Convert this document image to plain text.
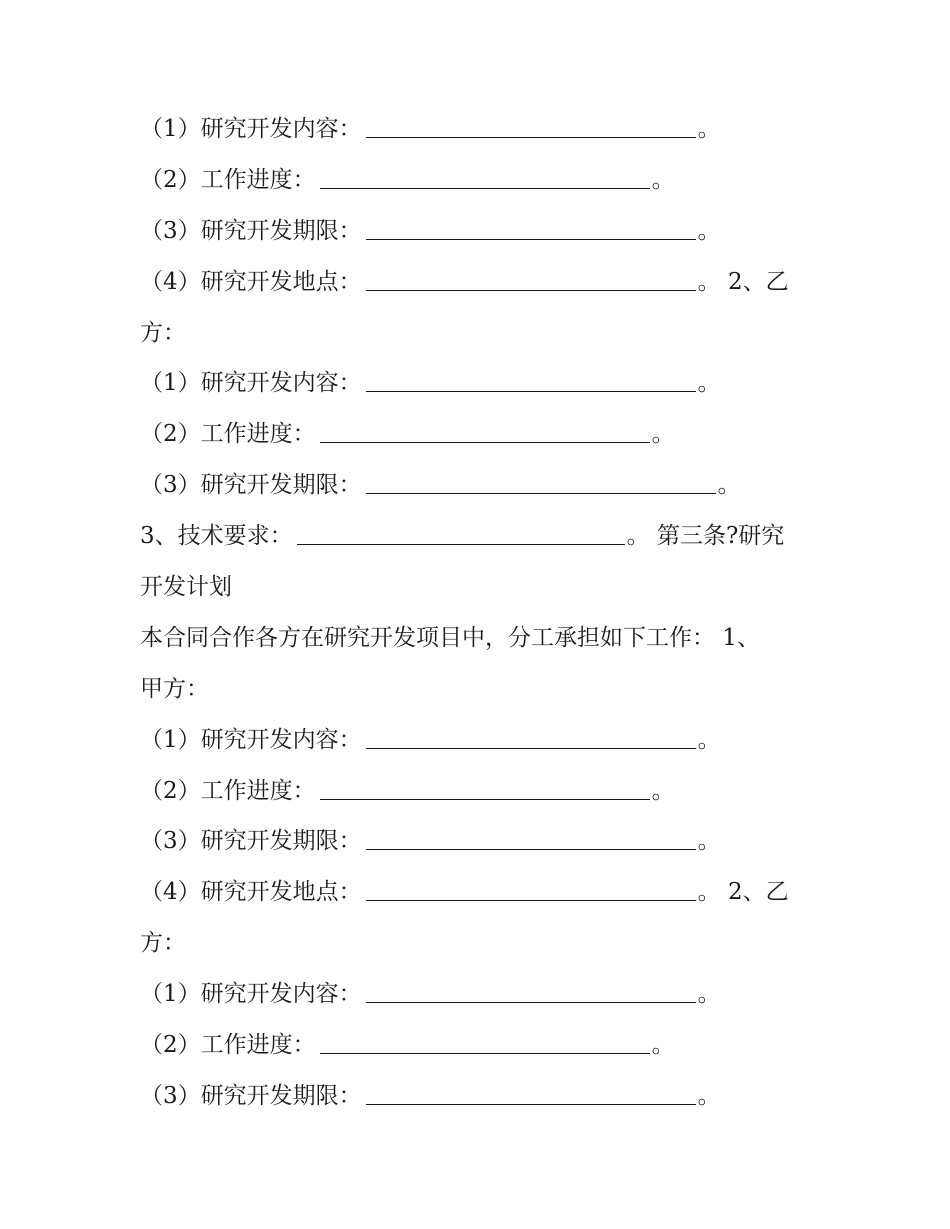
（1）研究开发内容：	。
（2）工作进度：	。
（3）研究开发期限：	。
（4）研究开发地点：	。 2、乙
方：
（1）研究开发内容：	。
（2）工作进度：	。
（3）研究开发期限：	。
3、技术要求：	。 第三条?研究
开发计划
本合同合作各方在研究开发项目中，分工承担如下工作： 1、
甲方：
（1）研究开发内容：	。
（2）工作进度：	。
（3）研究开发期限：	。
（4）研究开发地点：	。 2、乙
方：
（1）研究开发内容：	。
（2）工作进度：	。
（3）研究开发期限：	。
